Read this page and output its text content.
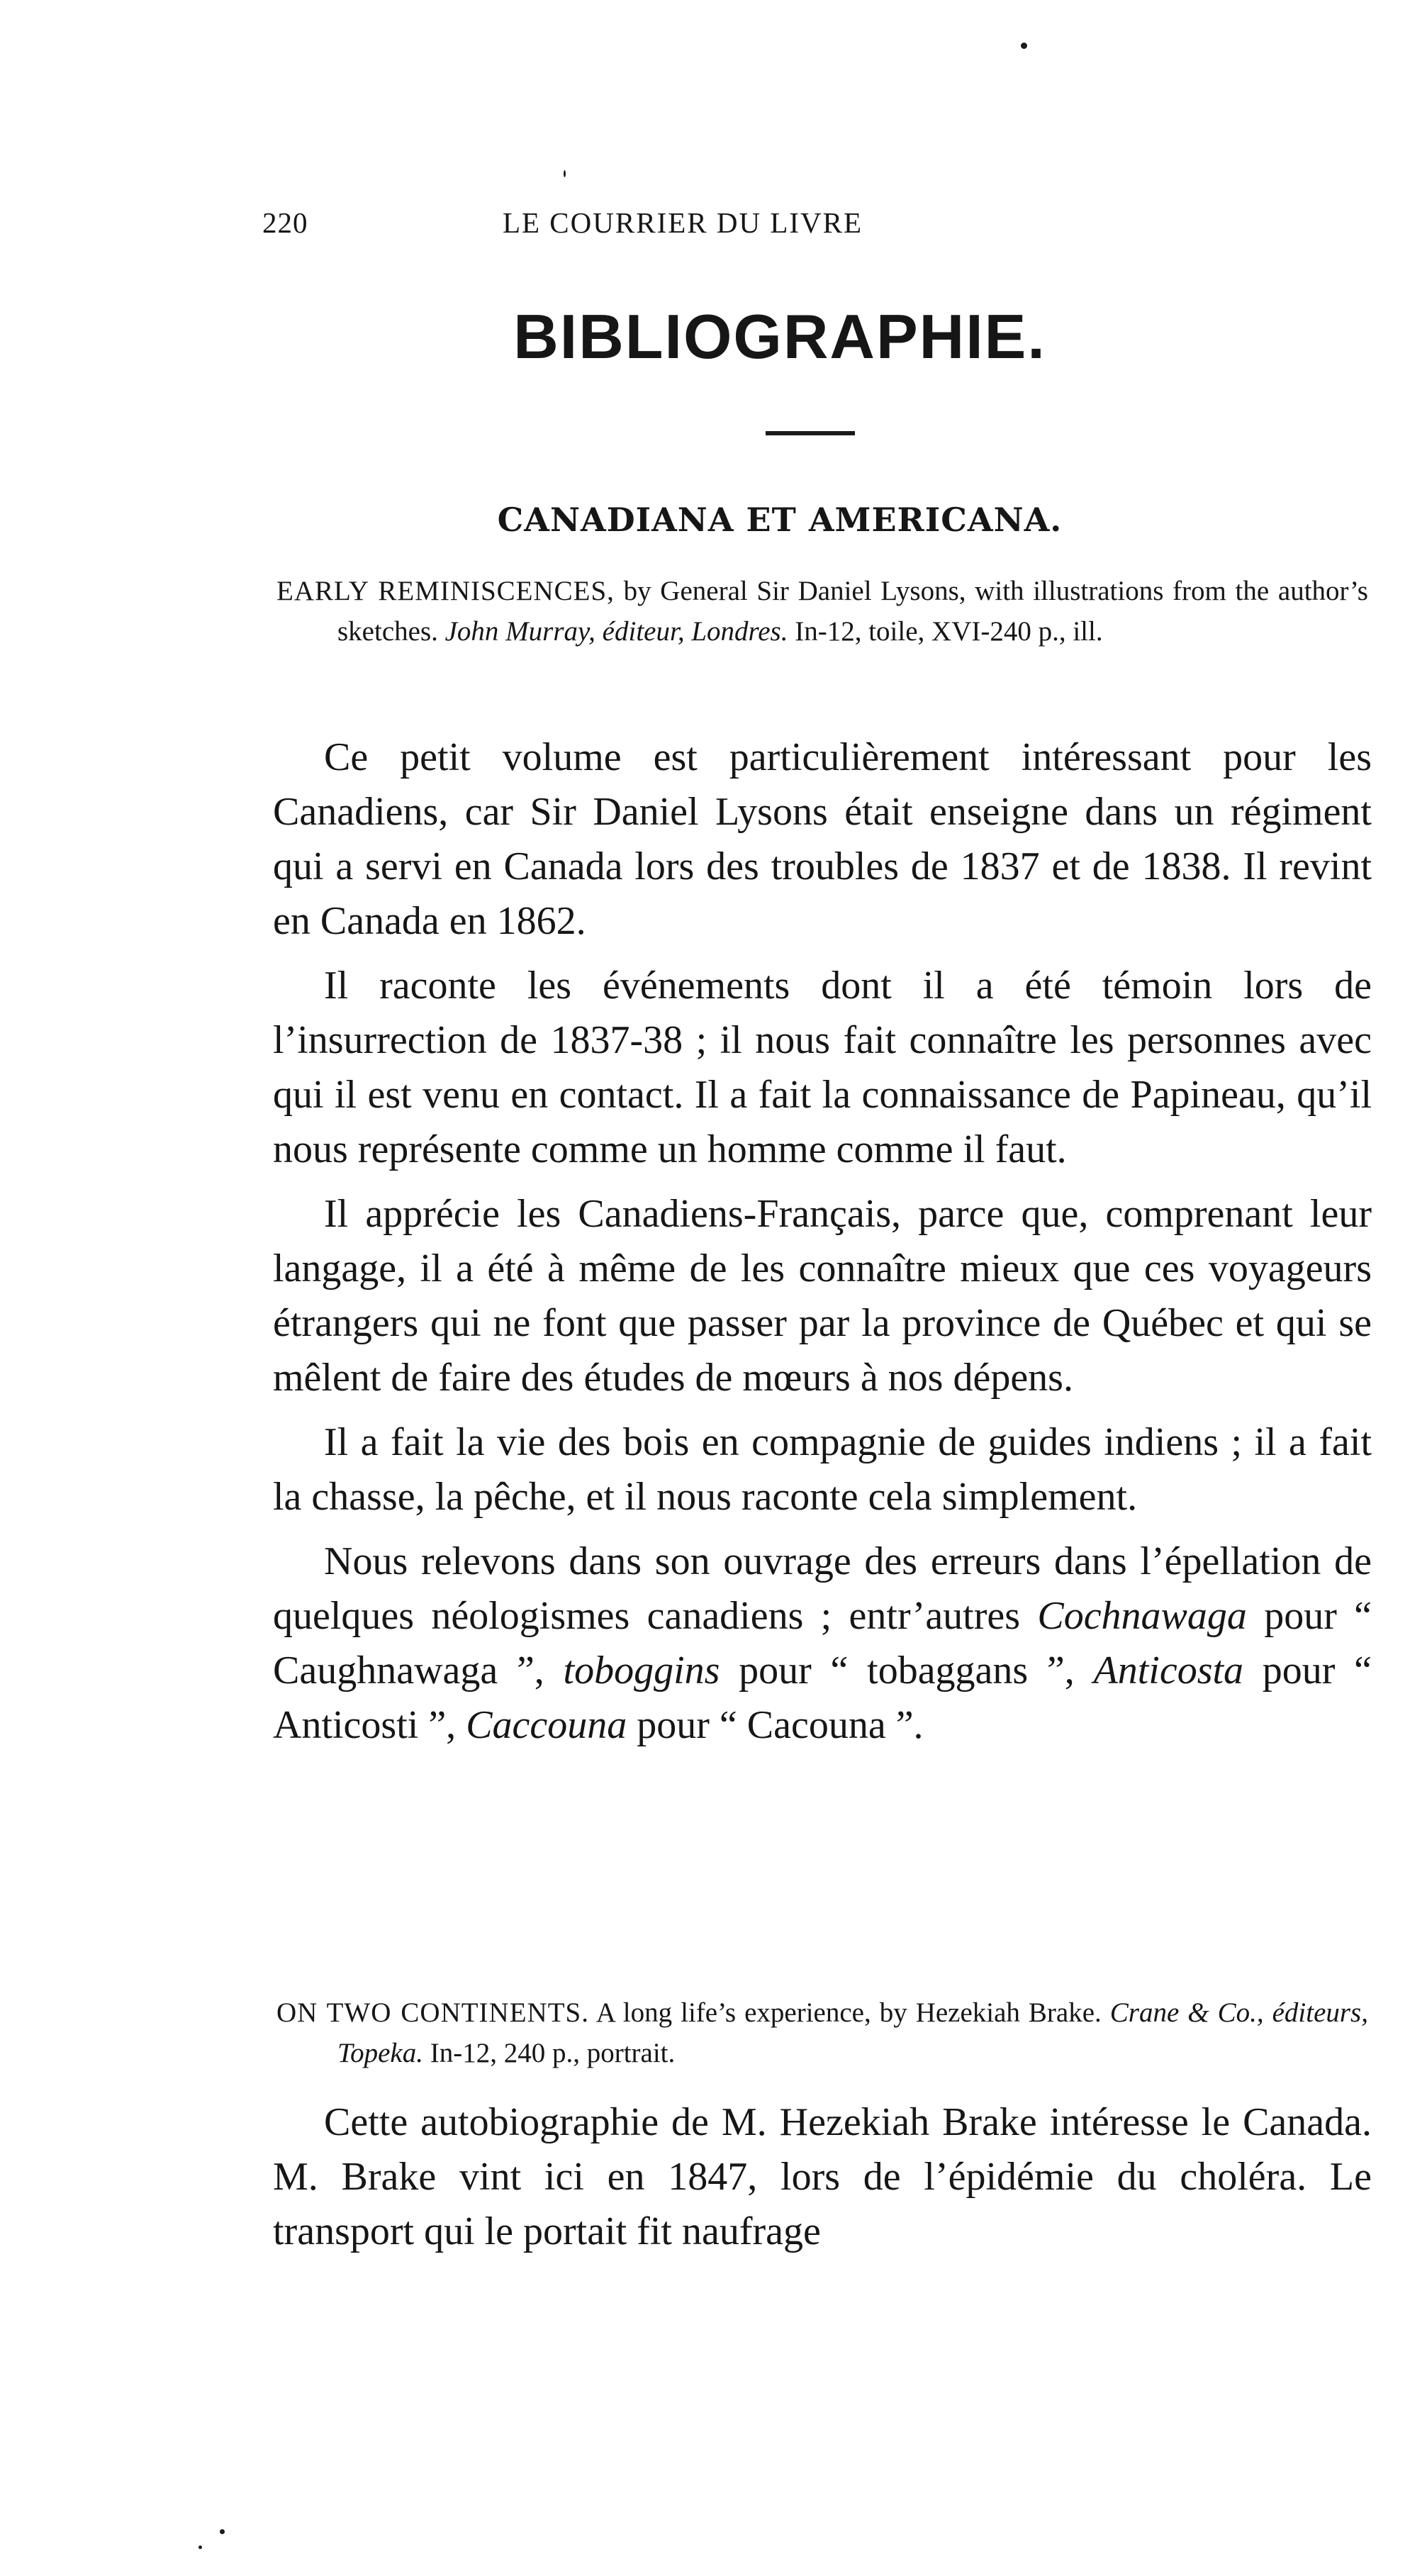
220	LE COURRIER DU LIVRE
BIBLIOGRAPHIE.
CANADIANA ET AMERICANA.

EARLY REMINISCENCES, by General Sir Daniel Lysons, with illustrations from the author’s sketches. John Murray, éditeur, Londres. In-12, toile, XVI-240 p., ill.

Ce petit volume est particulièrement intéressant pour les Canadiens, car Sir Daniel Lysons était enseigne dans un régiment qui a servi en Canada lors des troubles de 1837 et de 1838. Il revint en Canada en 1862.

Il raconte les événements dont il a été témoin lors de l’insurrection de 1837-38 ; il nous fait connaître les personnes avec qui il est venu en contact. Il a fait la connaissance de Papineau, qu’il nous représente comme un homme comme il faut.

Il apprécie les Canadiens-Français, parce que, comprenant leur langage, il a été à même de les connaître mieux que ces voyageurs étrangers qui ne font que passer par la province de Québec et qui se mêlent de faire des études de mœurs à nos dépens.

Il a fait la vie des bois en compagnie de guides indiens ; il a fait la chasse, la pêche, et il nous raconte cela simplement.

Nous relevons dans son ouvrage des erreurs dans l’épellation de quelques néologismes canadiens ; entr’autres Cochnawaga pour “ Caughnawaga ”, toboggins pour “ tobaggans ”, Anticosta pour “ Anticosti ”, Caccouna pour “ Cacouna ”.

ON TWO CONTINENTS. A long life’s experience, by Hezekiah Brake. Crane & Co., éditeurs, Topeka. In-12, 240 p., portrait.

Cette autobiographie de M. Hezekiah Brake intéresse le Canada. M. Brake vint ici en 1847, lors de l’épidémie du choléra. Le transport qui le portait fit naufrage
